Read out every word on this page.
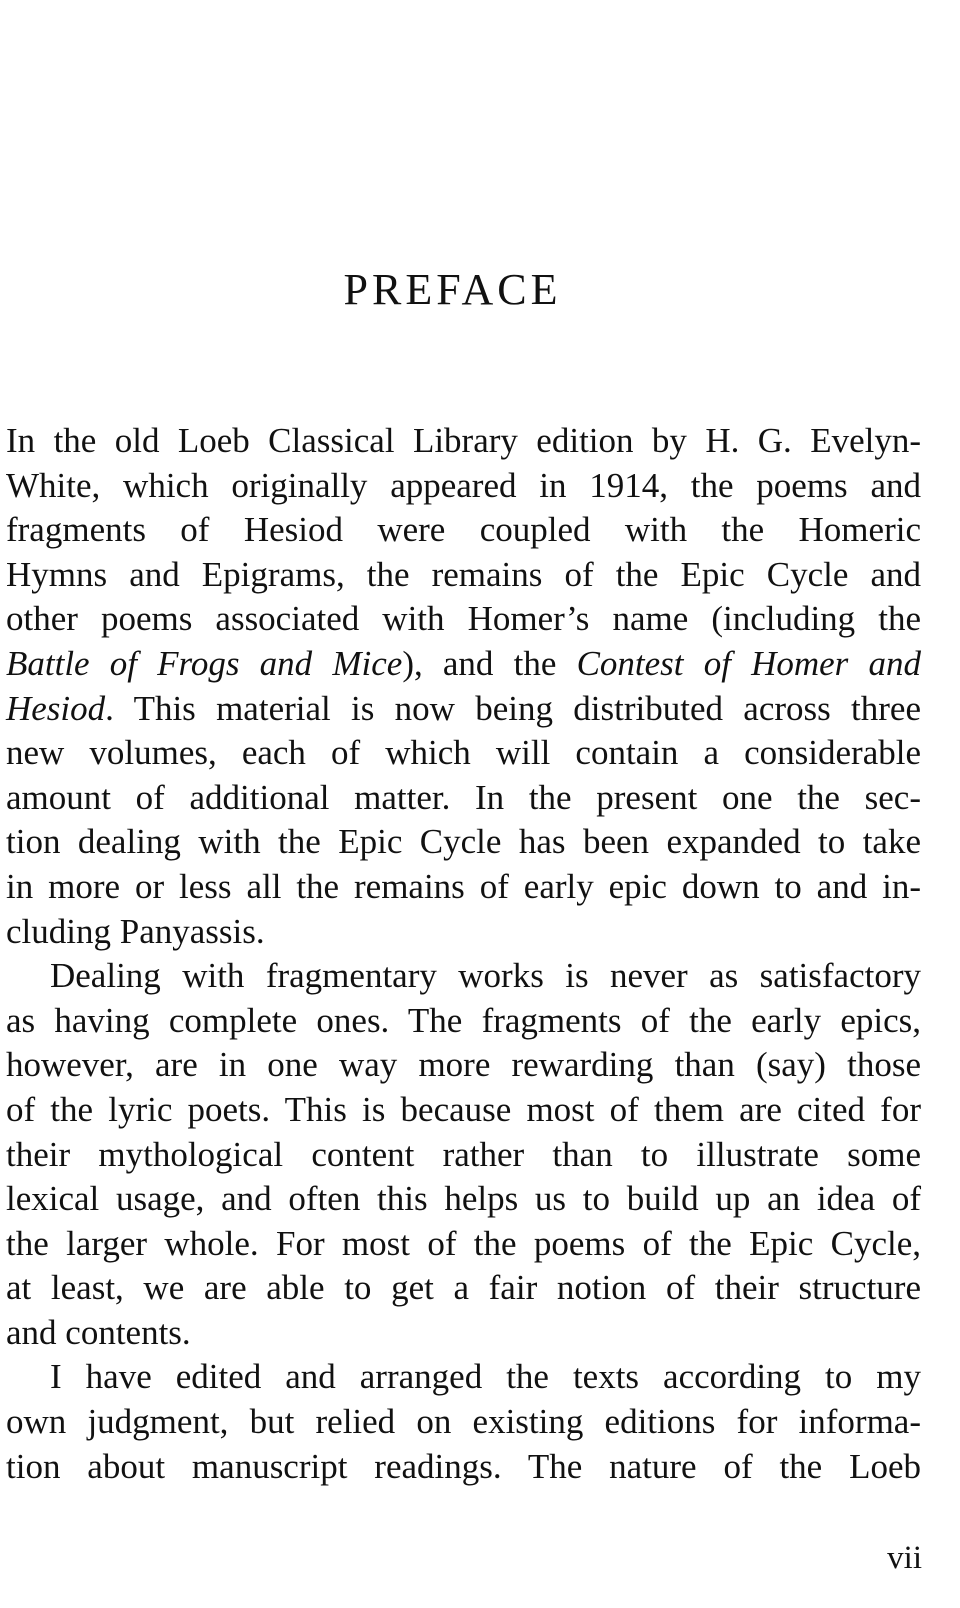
PREFACE
In the old Loeb Classical Library edition by H. G. Evelyn-
White, which originally appeared in 1914, the poems and
fragments of Hesiod were coupled with the Homeric
Hymns and Epigrams, the remains of the Epic Cycle and
other poems associated with Homer’s name (including the
Battle of Frogs and Mice), and the Contest of Homer and
Hesiod. This material is now being distributed across three
new volumes, each of which will contain a considerable
amount of additional matter. In the present one the sec-
tion dealing with the Epic Cycle has been expanded to take
in more or less all the remains of early epic down to and in-
cluding Panyassis.
Dealing with fragmentary works is never as satisfactory
as having complete ones. The fragments of the early epics,
however, are in one way more rewarding than (say) those
of the lyric poets. This is because most of them are cited for
their mythological content rather than to illustrate some
lexical usage, and often this helps us to build up an idea of
the larger whole. For most of the poems of the Epic Cycle,
at least, we are able to get a fair notion of their structure
and contents.
I have edited and arranged the texts according to my
own judgment, but relied on existing editions for informa-
tion about manuscript readings. The nature of the Loeb

vii
